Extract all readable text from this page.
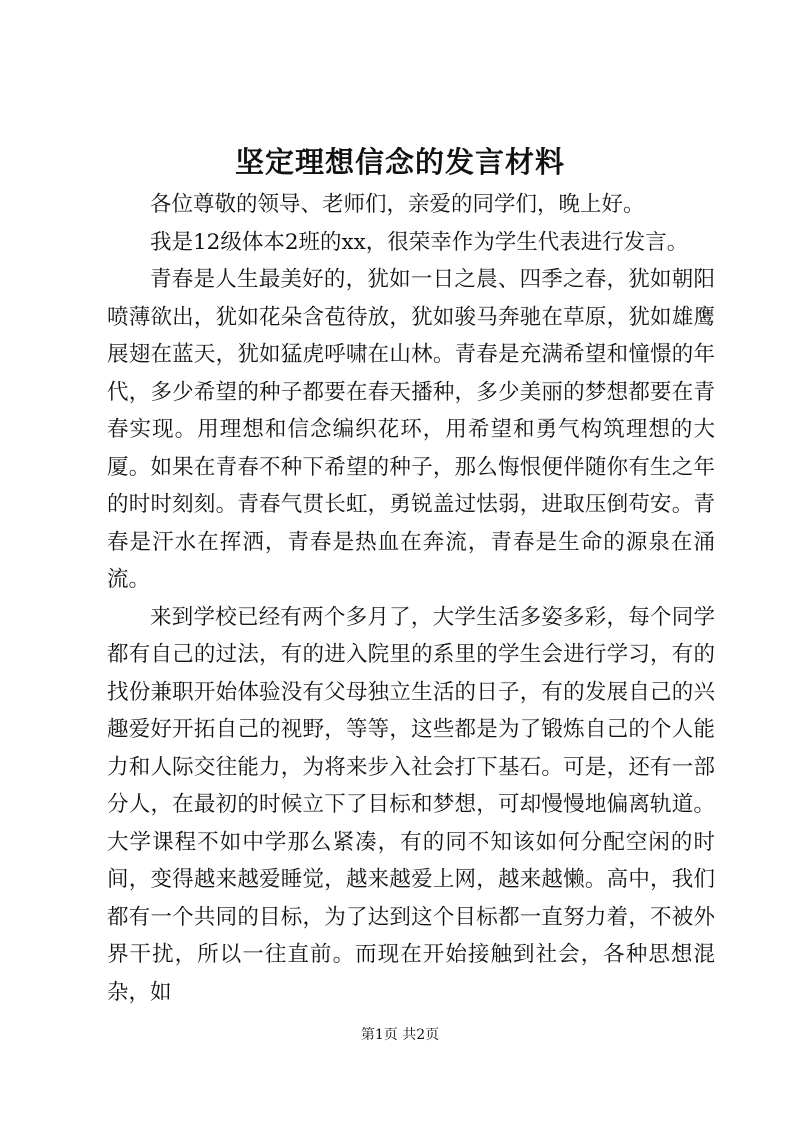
坚定理想信念的发言材料

各位尊敬的领导、老师们，亲爱的同学们，晚上好。

我是12级体本2班的xx，很荣幸作为学生代表进行发言。

青春是人生最美好的，犹如一日之晨、四季之春，犹如朝阳喷薄欲出，犹如花朵含苞待放，犹如骏马奔驰在草原，犹如雄鹰展翅在蓝天，犹如猛虎呼啸在山林。青春是充满希望和憧憬的年代，多少希望的种子都要在春天播种，多少美丽的梦想都要在青春实现。用理想和信念编织花环，用希望和勇气构筑理想的大厦。如果在青春不种下希望的种子，那么悔恨便伴随你有生之年的时时刻刻。青春气贯长虹，勇锐盖过怯弱，进取压倒苟安。青春是汗水在挥洒，青春是热血在奔流，青春是生命的源泉在涌流。

来到学校已经有两个多月了，大学生活多姿多彩，每个同学都有自己的过法，有的进入院里的系里的学生会进行学习，有的找份兼职开始体验没有父母独立生活的日子，有的发展自己的兴趣爱好开拓自己的视野，等等，这些都是为了锻炼自己的个人能力和人际交往能力，为将来步入社会打下基石。可是，还有一部分人，在最初的时候立下了目标和梦想，可却慢慢地偏离轨道。大学课程不如中学那么紧凑，有的同不知该如何分配空闲的时间，变得越来越爱睡觉，越来越爱上网，越来越懒。高中，我们都有一个共同的目标，为了达到这个目标都一直努力着，不被外界干扰，所以一往直前。而现在开始接触到社会，各种思想混杂，如

第1页 共2页
